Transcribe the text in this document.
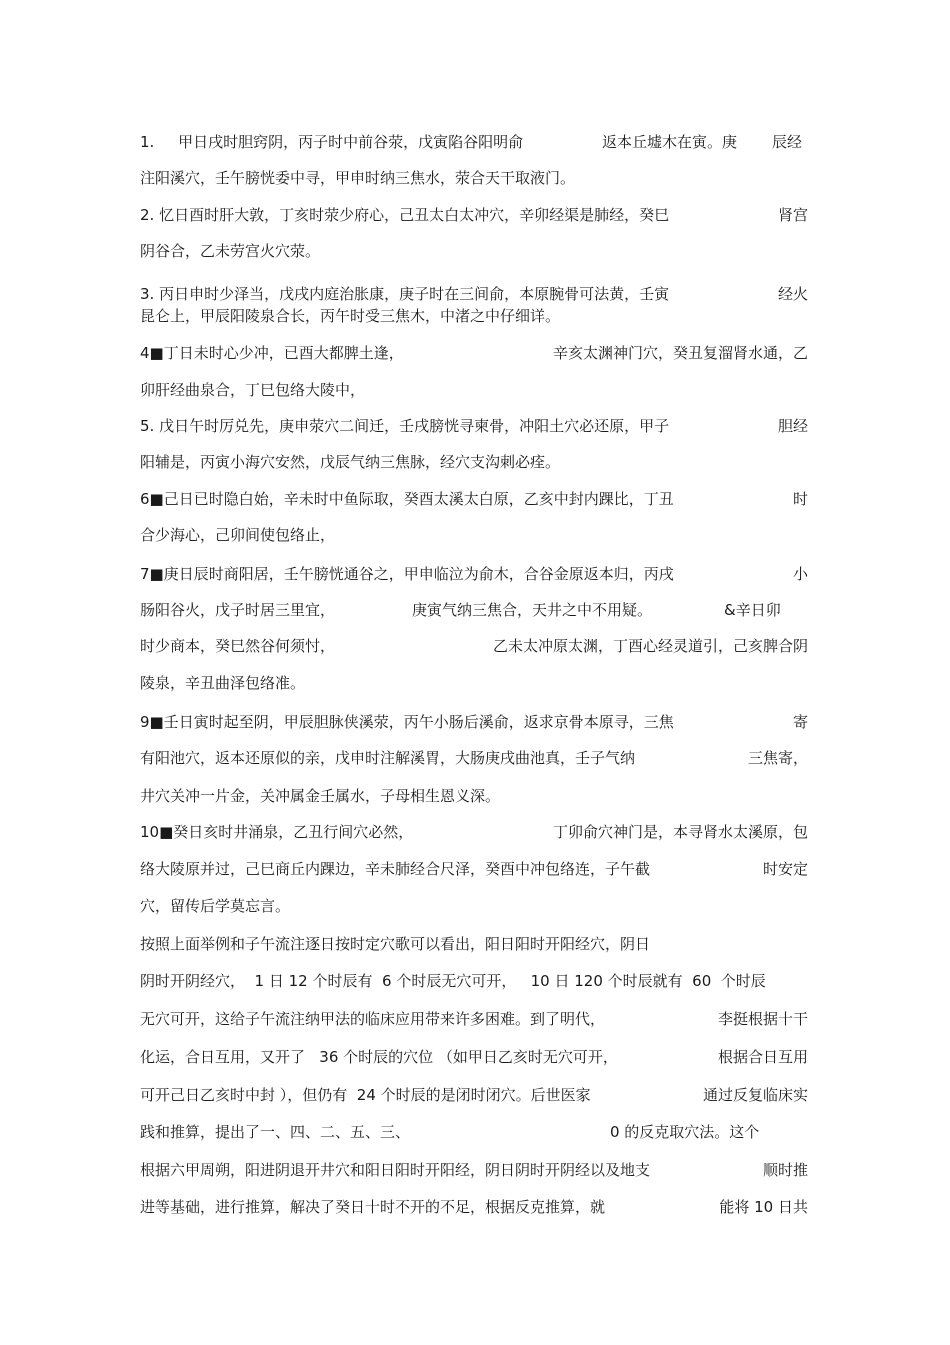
1.     甲日戌时胆窍阴，丙子时中前谷荥，戊寅陷谷阳明俞	返本丘墟木在寅。庚 辰经
注阳溪穴，壬午膀恍委中寻，甲申时纳三焦水，荥合天干取液门。
2. 忆日酉时肝大敦，丁亥时荥少府心，己丑太白太冲穴，辛卯经渠是肺经，癸巳	肾宫
阴谷合，乙未劳宫火穴荥。
3. 丙日申时少泽当，戊戌内庭治胀康，庚子时在三间俞，本原腕骨可法黄，壬寅	经火
昆仑上，甲辰阳陵泉合长，丙午时受三焦木，中渚之中仔细详。
4■丁日未时心少冲，已酉大都脾土逢，	辛亥太渊神门穴，癸丑复溜肾水通，乙
卯肝经曲泉合，丁巳包络大陵中，
5. 戊日午时厉兑先，庚申荥穴二间迁，壬戌膀恍寻柬骨，冲阳土穴必还原，甲子	胆经
阳辅是，丙寅小海穴安然，戊辰气纳三焦脉，经穴支沟刺必痊。
6■己日已时隐白始，辛未时中鱼际取，癸酉太溪太白原，乙亥中封内踝比，丁丑	时
合少海心，己卯间使包络止，
7■庚日辰时商阳居，壬午膀恍通谷之，甲申临泣为俞木，合谷金原返本归，丙戌	小
肠阳谷火，戊子时居三里宜，	庚寅气纳三焦合，天井之中不用疑。	&辛日卯
时少商本，癸巳然谷何须忖，	乙未太冲原太渊，丁酉心经灵道引，己亥脾合阴
陵泉，辛丑曲泽包络准。
9■壬日寅时起至阴，甲辰胆脉侠溪荥，丙午小肠后溪俞，返求京骨本原寻，三焦	寄
有阳池穴，返本还原似的亲，戊申时注解溪胃，大肠庚戌曲池真，壬子气纳	三焦寄，
井穴关冲一片金，关冲属金壬属水，子母相生恩义深。
10■癸日亥时井涌泉，乙丑行间穴必然，	丁卯俞穴神门是，本寻肾水太溪原，包
络大陵原并过，己巳商丘内踝边，辛未肺经合尺泽，癸酉中冲包络连，子午截	时安定
穴，留传后学莫忘言。
按照上面举例和子午流注逐日按时定穴歌可以看出，阳日阳时开阳经穴，阴日
阴时开阴经穴，  1 日 12 个时辰有  6 个时辰无穴可开，   10 日 120 个时辰就有  60  个时辰
无穴可开，这给子午流注纳甲法的临床应用带来许多困难。到了明代，	李挺根据十干
化运，合日互用，又开了   36 个时辰的穴位 （如甲日乙亥时无穴可开，	根据合日互用
可开己日乙亥时中封 ），但仍有  24 个时辰的是闭时闭穴。后世医家	通过反复临床实
践和推算，提出了一、四、二、五、三、	0 的反克取穴法。这个
根据六甲周朔，阳进阴退开井穴和阳日阳时开阳经，阴日阴时开阴经以及地支	顺时推
进等基础，进行推算，解决了癸日十时不开的不足，根据反克推算，就	能将 10 日共
